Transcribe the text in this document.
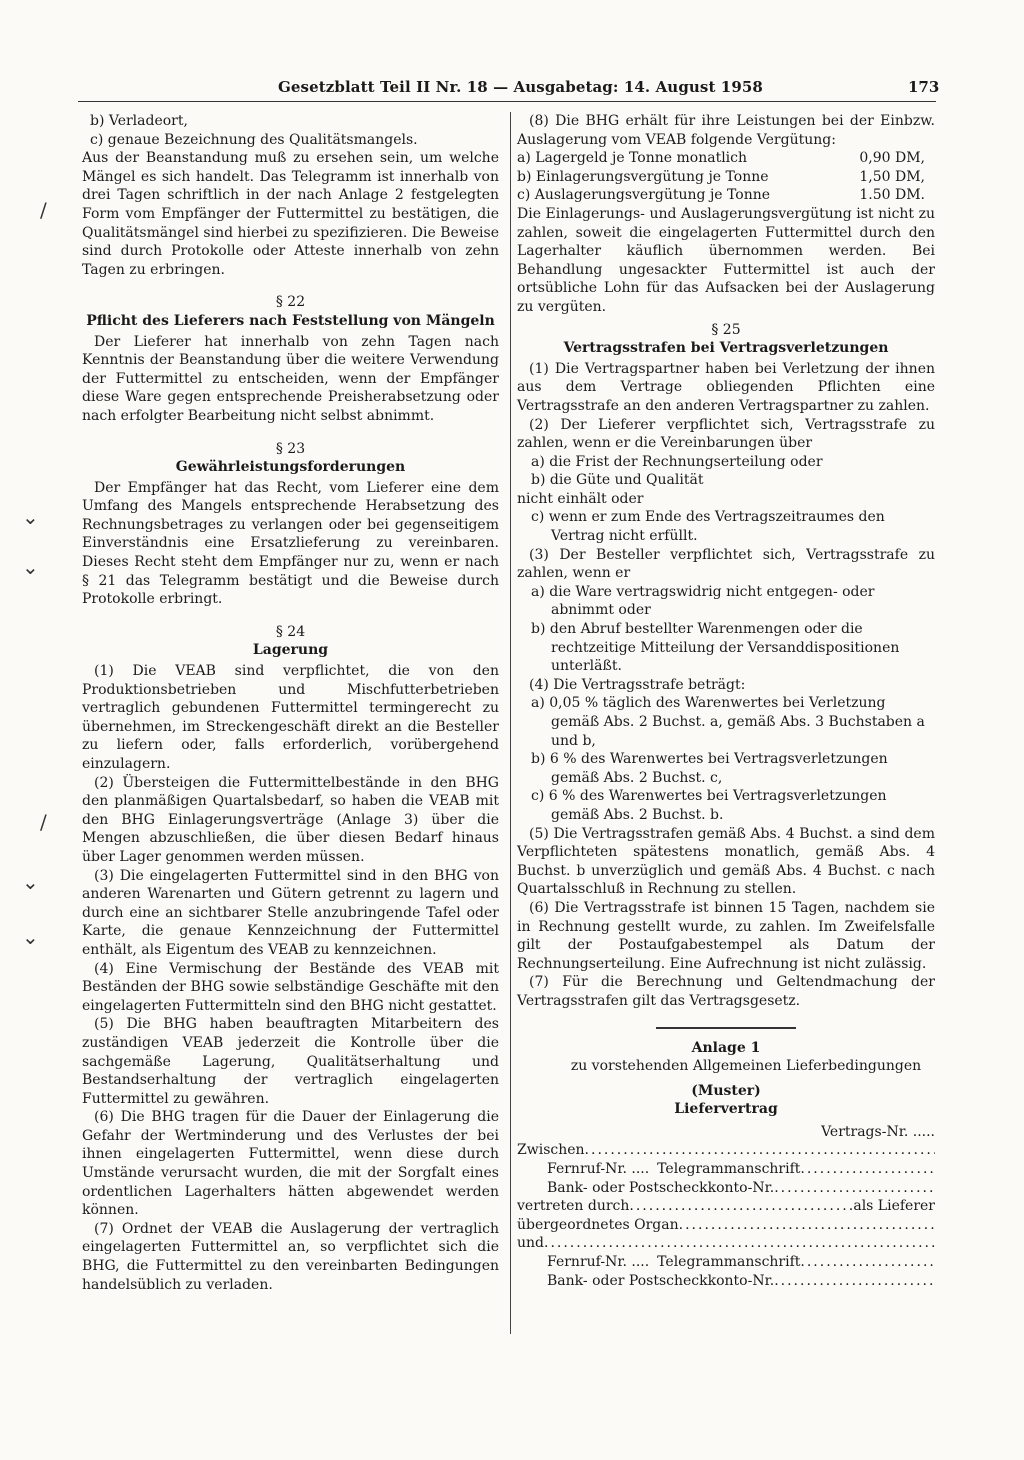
Gesetzblatt Teil II Nr. 18 — Ausgabetag: 14. August 1958	173
/
⌄
⌄
/
⌄
⌄

b) Verladeort,

c) genaue Bezeichnung des Qualitätsmangels.

Aus der Beanstandung muß zu ersehen sein, um welche Mängel es sich handelt. Das Telegramm ist innerhalb von drei Tagen schriftlich in der nach Anlage 2 festgelegten Form vom Empfänger der Futtermittel zu bestätigen, die Qualitätsmängel sind hierbei zu spezifizieren. Die Beweise sind durch Protokolle oder Atteste innerhalb von zehn Tagen zu erbringen.

§ 22

Pflicht des Lieferers nach Feststellung von Mängeln

Der Lieferer hat innerhalb von zehn Tagen nach Kenntnis der Beanstandung über die weitere Verwendung der Futtermittel zu entscheiden, wenn der Empfänger diese Ware gegen entsprechende Preisherabsetzung oder nach erfolgter Bearbeitung nicht selbst abnimmt.

§ 23

Gewährleistungsforderungen

Der Empfänger hat das Recht, vom Lieferer eine dem Umfang des Mangels entsprechende Herabsetzung des Rechnungsbetrages zu verlangen oder bei gegenseitigem Einverständnis eine Ersatzlieferung zu vereinbaren. Dieses Recht steht dem Empfänger nur zu, wenn er nach § 21 das Telegramm bestätigt und die Beweise durch Protokolle erbringt.

§ 24

Lagerung

(1) Die VEAB sind verpflichtet, die von den Produktionsbetrieben und Mischfutterbetrieben vertraglich gebundenen Futtermittel termingerecht zu übernehmen, im Streckengeschäft direkt an die Besteller zu liefern oder, falls erforderlich, vorübergehend einzulagern.

(2) Übersteigen die Futtermittelbestände in den BHG den planmäßigen Quartalsbedarf, so haben die VEAB mit den BHG Einlagerungsverträge (Anlage 3) über die Mengen abzuschließen, die über diesen Bedarf hinaus über Lager genommen werden müssen.

(3) Die eingelagerten Futtermittel sind in den BHG von anderen Warenarten und Gütern getrennt zu lagern und durch eine an sichtbarer Stelle anzubringende Tafel oder Karte, die genaue Kennzeichnung der Futtermittel enthält, als Eigentum des VEAB zu kennzeichnen.

(4) Eine Vermischung der Bestände des VEAB mit Beständen der BHG sowie selbständige Geschäfte mit den eingelagerten Futtermitteln sind den BHG nicht gestattet.

(5) Die BHG haben beauftragten Mitarbeitern des zuständigen VEAB jederzeit die Kontrolle über die sachgemäße Lagerung, Qualitätserhaltung und Bestandserhaltung der vertraglich eingelagerten Futtermittel zu gewähren.

(6) Die BHG tragen für die Dauer der Einlagerung die Gefahr der Wertminderung und des Verlustes der bei ihnen eingelagerten Futtermittel, wenn diese durch Umstände verursacht wurden, die mit der Sorgfalt eines ordentlichen Lagerhalters hätten abgewendet werden können.

(7) Ordnet der VEAB die Auslagerung der vertraglich eingelagerten Futtermittel an, so verpflichtet sich die BHG, die Futtermittel zu den vereinbarten Bedingungen handelsüblich zu verladen.

(8) Die BHG erhält für ihre Leistungen bei der Einbzw. Auslagerung vom VEAB folgende Vergütung:

a) Lagergeld je Tonne monatlich	0,90 DM,
b) Einlagerungsvergütung je Tonne	1,50 DM,
c) Auslagerungsvergütung je Tonne	1.50 DM.

Die Einlagerungs- und Auslagerungsvergütung ist nicht zu zahlen, soweit die eingelagerten Futtermittel durch den Lagerhalter käuflich übernommen werden. Bei Behandlung ungesackter Futtermittel ist auch der ortsübliche Lohn für das Aufsacken bei der Auslagerung zu vergüten.

§ 25

Vertragsstrafen bei Vertragsverletzungen

(1) Die Vertragspartner haben bei Verletzung der ihnen aus dem Vertrage obliegenden Pflichten eine Vertragsstrafe an den anderen Vertragspartner zu zahlen.

(2) Der Lieferer verpflichtet sich, Vertragsstrafe zu zahlen, wenn er die Vereinbarungen über

a) die Frist der Rechnungserteilung oder

b) die Güte und Qualität

nicht einhält oder

c) wenn er zum Ende des Vertragszeitraumes den Vertrag nicht erfüllt.

(3) Der Besteller verpflichtet sich, Vertragsstrafe zu zahlen, wenn er

a) die Ware vertragswidrig nicht entgegen- oder abnimmt oder

b) den Abruf bestellter Warenmengen oder die rechtzeitige Mitteilung der Versanddispositionen unterläßt.

(4) Die Vertragsstrafe beträgt:

a) 0,05 % täglich des Warenwertes bei Verletzung gemäß Abs. 2 Buchst. a, gemäß Abs. 3 Buchstaben a und b,

b) 6 % des Warenwertes bei Vertragsverletzungen gemäß Abs. 2 Buchst. c,

c) 6 % des Warenwertes bei Vertragsverletzungen gemäß Abs. 2 Buchst. b.

(5) Die Vertragsstrafen gemäß Abs. 4 Buchst. a sind dem Verpflichteten spätestens monatlich, gemäß Abs. 4 Buchst. b unverzüglich und gemäß Abs. 4 Buchst. c nach Quartalsschluß in Rechnung zu stellen.

(6) Die Vertragsstrafe ist binnen 15 Tagen, nachdem sie in Rechnung gestellt wurde, zu zahlen. Im Zweifelsfalle gilt der Postaufgabestempel als Datum der Rechnungserteilung. Eine Aufrechnung ist nicht zulässig.

(7) Für die Berechnung und Geltendmachung der Vertragsstrafen gilt das Vertragsgesetz.

Anlage 1

zu vorstehenden Allgemeinen Lieferbedingungen

(Muster)

Liefervertrag

Vertrags-Nr. .....

Zwischen
.....
Fernruf-Nr. .... Telegrammanschrift
.....
Bank- oder Postscheckkonto-Nr.
.....
vertreten durch
.....	als Lieferer
übergeordnetes Organ
.....
und
.....
Fernruf-Nr. .... Telegrammanschrift
.....
Bank- oder Postscheckkonto-Nr.
.....
